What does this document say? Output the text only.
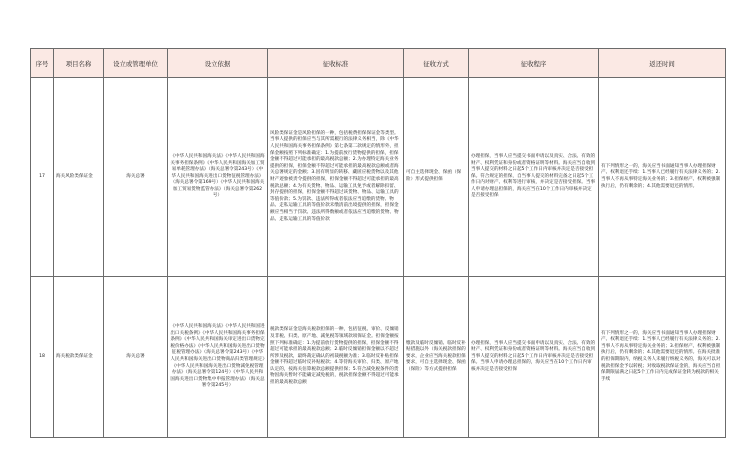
序号	项目名称	设立或管理单位	设立依据	征收标准	征收方式	征收程序	返还时间
17	海关风险类保证金	海关总署	《中华人民共和国海关法》《中华人民共和国海关事务担保条例》《中华人民共和国海关加工贸易单耗管理办法》（海关总署令第243号）《中华人民共和国海关进出口货物征税管理办法》（海关总署令第169号）《中华人民共和国海关加工贸易货物监管办法》（海关总署令第262号）	风险类保证金是风险担保的一种，包括税费担保保证金等类型。当事人提供的担保应当与其所需履行的法律义务相当，除《中华人民共和国海关事务担保条例》第七条第二款规定的情形外，担保金额按照下列标准确定：1.为提前放行货物提供的担保，担保金额不得超过可能承担的最高税款总额；2.为办理特定海关业务提供的担保，担保金额不得超过可能承担的最高税款总额或者海关总署规定的金额；3.因有明显的转移、藏匿应税货物以及其他财产迹象被责令提供的担保，担保金额不得超过可能承担的最高税款总额；4.为有关货物、物品、运输工具免予或者解除扣留、封存提供的担保，担保金额不得超过该货物、物品、运输工具的等值价款；5.为罚款、违法所得或者依法应当追缴的货物、物品、走私运输工具的等值价款未缴清前出境提供的担保，担保金额应当相当于罚款、违法所得数额或者依法应当追缴的货物、物品、走私运输工具的等值价款	可自主选择现金、保函（保险）形式提供担保	办理担保，当事人应当提交书面申请以及真实、合法、有效的财产、权利凭证和身份或者资格证明等材料。海关应当自收到当事人提交的材料之日起5个工作日内审核并决定是否接受担保。符合规定的担保，自当事人提交的材料完备之日起5个工作日内对财产、权利等进行审核，并决定是否接受担保。当事人申请办理总担保的，海关应当在10个工作日内审核并决定是否接受担保	有下列情形之一的，海关应当书面通知当事人办理担保财产、权利退还手续：1.当事人已经履行有关法律义务的；2.当事人不再从事特定海关业务的；3.担保财产、权利被强制执行后，仍有剩余的；4.其他需要退还的情形。
18	海关税款类保证金	海关总署	《中华人民共和国海关法》《中华人民共和国进出口关税条例》《中华人民共和国海关事务担保条例》《中华人民共和国海关审定进出口货物完税价格办法》《中华人民共和国海关进出口货物征税管理办法》（海关总署令第243号）《中华人民共和国海关进出口货物商品归类管理规定》《中华人民共和国海关进出口货物减免税管理办法》（海关总署令第124号）《中华人民共和国海关进出口货物集中申报管理办法》（海关总署令第245号）	税款类保证金是海关税款担保的一种，包括征税、审价、反倾销及非税、归类、原产地、减免税等领域款项保证金。担保金额按照下列标准确定：1.为提前放行货物提供的担保，担保金额不得超过可能承担的最高税款总额；2.临时反倾销担保金额以不超过所涉及税款，最终裁定确认的初裁税额为准；3.临时反补贴担保金额不得超过临时反补贴税款；4.等待海关审价、归类、原产地认定的，按海关估算税款总额提供担保；5.符合减免税条件的货物因海关暂时不能确定减免税的，税款担保金额不得超过可能承担的最高税款总额	缴款及临时反倾销、临时反补贴措施以外（海关税款担保的要求，企业应当海关税款担保要求，可自主选择现金、保函（保险）等方式提供担保	办理担保，当事人应当提交书面申请以及真实、合法、有效的财产、权利凭证和身份或者资格证明等材料。海关应当自收到当事人提交的材料之日起5个工作日内审核并决定是否接受担保。当事人申请办理总担保的，海关应当在10个工作日内审核并决定是否接受担保	有下列情形之一的，海关应当书面通知当事人办理担保财产、权利退还手续：1.当事人已经履行有关法律义务的；2.当事人不再从事特定海关业务的；3.担保财产、权利被强制执行后，仍有剩余的；4.其他需要退还的情形。在海关批准的担保期限内，纳税义务人未履行纳税义务的，海关可以对税款担保金予以转税；对收取税款保证金的，海关应当自担保期限届满之日起5个工作日内完成保证金转为税款的相关手续
